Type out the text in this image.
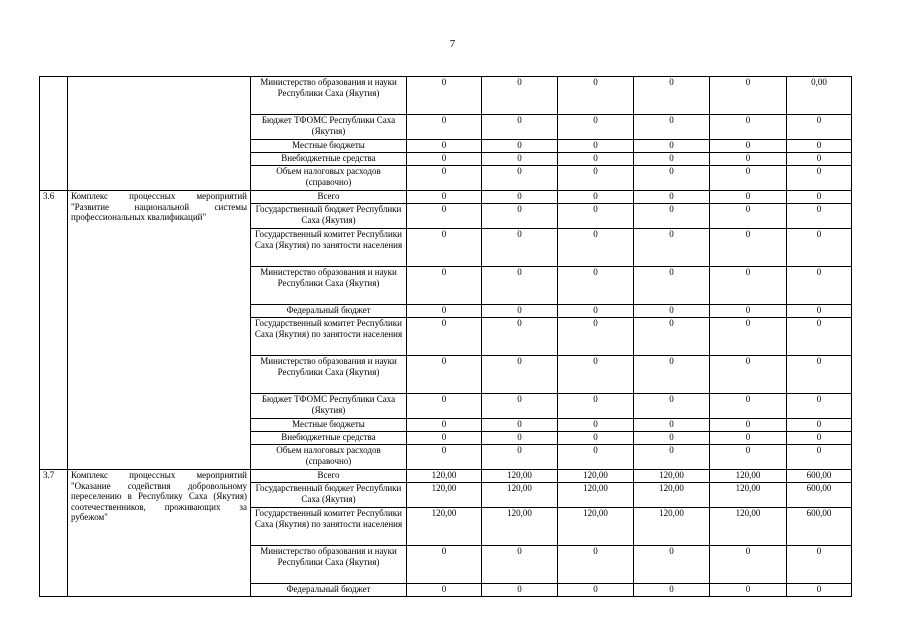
7
		Министерство образования и науки Республики Саха (Якутия)	0	0	0	0	0	0,00
		Бюджет ТФОМС Республики Саха (Якутия)	0	0	0	0	0	0
		Местные бюджеты	0	0	0	0	0	0
		Внебюджетные средства	0	0	0	0	0	0
		Объем налоговых расходов (справочно)	0	0	0	0	0	0
3.6	Комплекс процессных мероприятий "Развитие национальной системы профессиональных квалификаций"	Всего	0	0	0	0	0	0
		Государственный бюджет Республики Саха (Якутия)	0	0	0	0	0	0
		Государственный комитет Республики Саха (Якутия) по занятости населения	0	0	0	0	0	0
		Министерство образования и науки Республики Саха (Якутия)	0	0	0	0	0	0
		Федеральный бюджет	0	0	0	0	0	0
		Государственный комитет Республики Саха (Якутия) по занятости населения	0	0	0	0	0	0
		Министерство образования и науки Республики Саха (Якутия)	0	0	0	0	0	0
		Бюджет ТФОМС Республики Саха (Якутия)	0	0	0	0	0	0
		Местные бюджеты	0	0	0	0	0	0
		Внебюджетные средства	0	0	0	0	0	0
		Объем налоговых расходов (справочно)	0	0	0	0	0	0
3.7	Комплекс процессных мероприятий "Оказание содействия добровольному переселению в Республику Саха (Якутия) соотечественников, проживающих за рубежом"	Всего	120,00	120,00	120,00	120,00	120,00	600,00
		Государственный бюджет Республики Саха (Якутия)	120,00	120,00	120,00	120,00	120,00	600,00
		Государственный комитет Республики Саха (Якутия) по занятости населения	120,00	120,00	120,00	120,00	120,00	600,00
		Министерство образования и науки Республики Саха (Якутия)	0	0	0	0	0	0
		Федеральный бюджет	0	0	0	0	0	0
